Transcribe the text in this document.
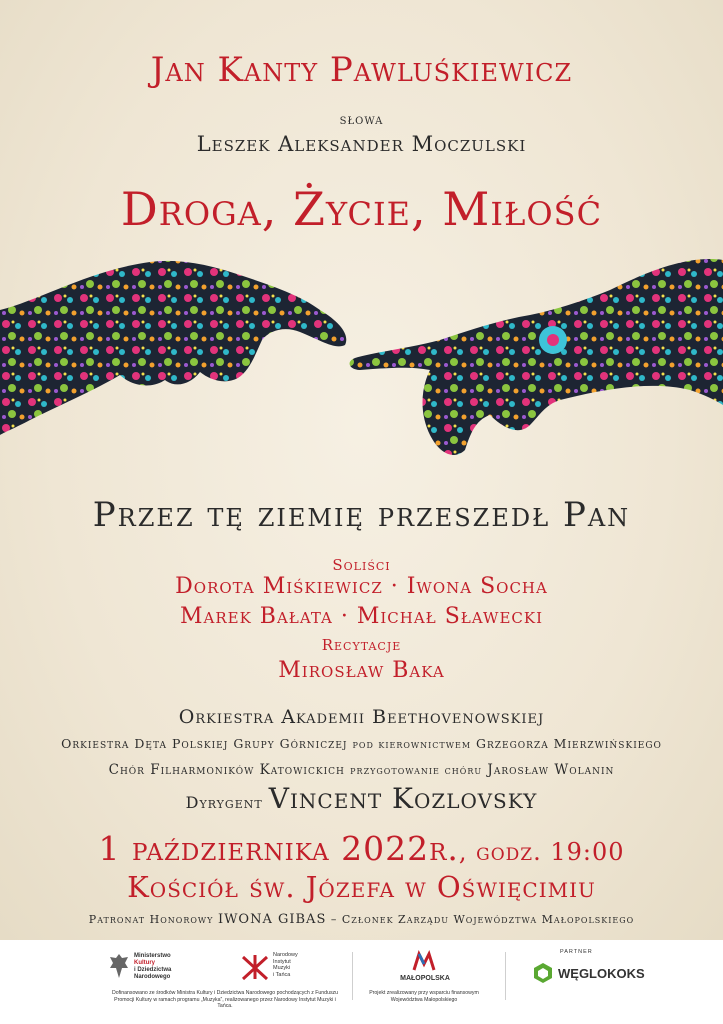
Jan Kanty Pawluśkiewicz
słowa
Leszek Aleksander Moczulski
Droga, Życie, Miłość
Przez tę ziemię przeszedł Pan
Soliści
Dorota Miśkiewicz · Iwona Socha
Marek Bałata · Michał Sławecki
Recytacje
Mirosław Baka
Orkiestra Akademii Beethovenowskiej
Orkiestra Dęta Polskiej Grupy Górniczej pod kierownictwem Grzegorza Mierzwińskiego
Chór Filharmoników Katowickich przygotowanie chóru Jarosław Wolanin
Dyrygent Vincent Kozlovsky
1 października 2022r., godz. 19:00
Kościół św. Józefa w Oświęcimiu
Patronat Honorowy IWONA GIBAS – Członek Zarządu Województwa Małopolskiego
Ministerstwo
Kultury
i Dziedzictwa
Narodowego
Narodowy
Instytut
Muzyki
i Tańca
Dofinansowano ze środków Ministra Kultury i Dziedzictwa Narodowego pochodzących z Funduszu Promocji Kultury w ramach programu „Muzyka”, realizowanego przez Narodowy Instytut Muzyki i Tańca.
MAŁOPOLSKA
Projekt zrealizowany przy wsparciu finansowym Województwa Małopolskiego
PARTNER
WĘGLOKOKS
